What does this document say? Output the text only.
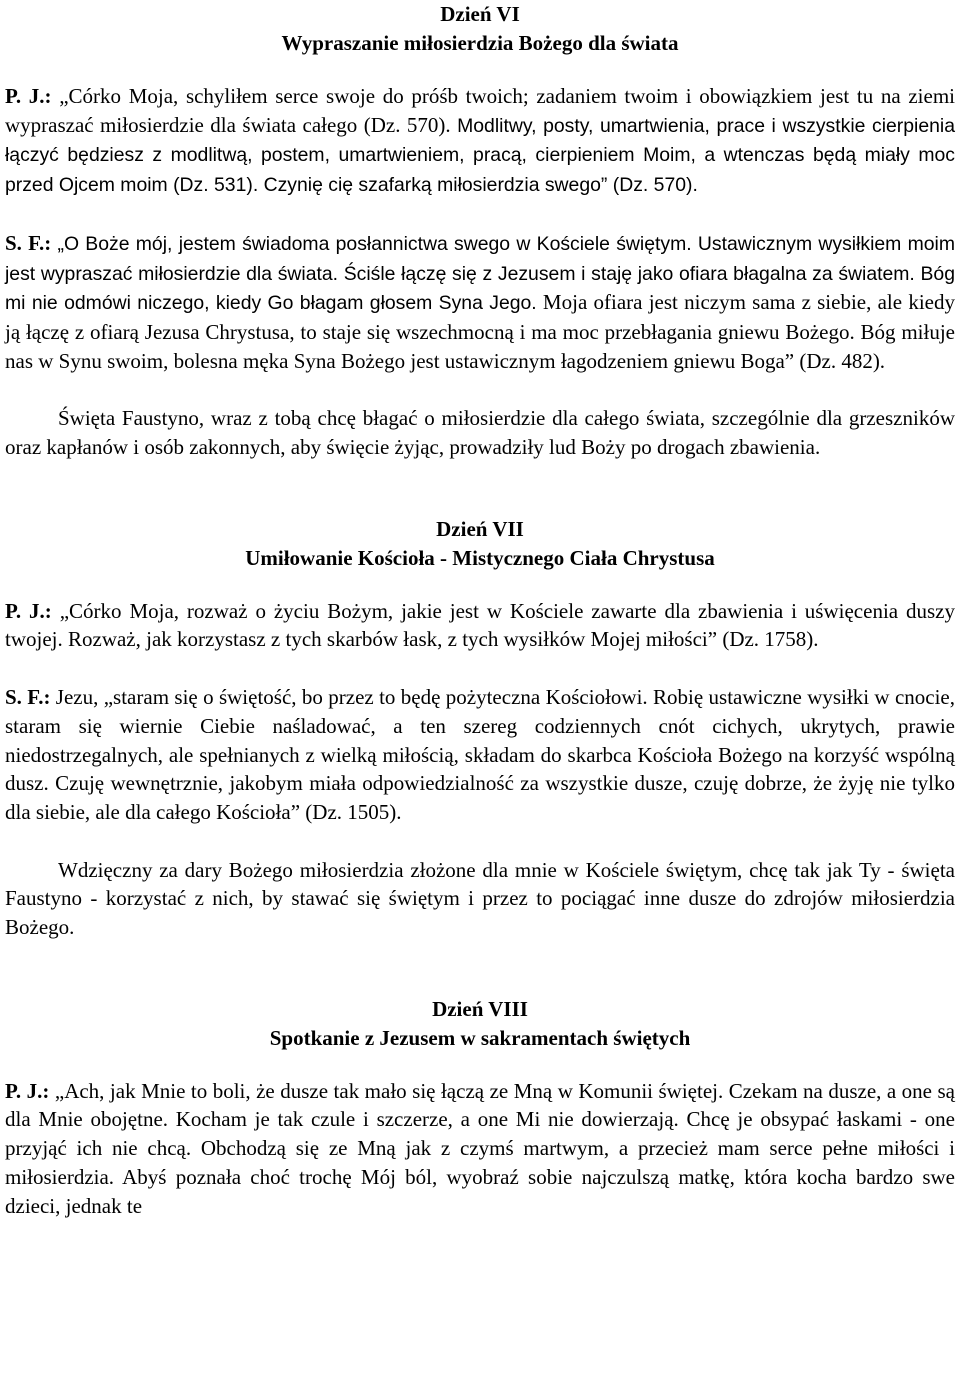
Dzień VI
Wypraszanie miłosierdzia Bożego dla świata

P. J.: „Córko Moja, schyliłem serce swoje do próśb twoich; zadaniem twoim i obowiązkiem jest tu na ziemi wypraszać miłosierdzie dla świata całego (Dz. 570). Modlitwy, posty, umartwienia, prace i wszystkie cierpienia łączyć będziesz z modlitwą, postem, umartwieniem, pracą, cierpieniem Moim, a wtenczas będą miały moc przed Ojcem moim (Dz. 531). Czynię cię szafarką miłosierdzia swego” (Dz. 570).

S. F.: „O Boże mój, jestem świadoma posłannictwa swego w Kościele świętym. Ustawicznym wysiłkiem moim jest wypraszać miłosierdzie dla świata. Ściśle łączę się z Jezusem i staję jako ofiara błagalna za światem. Bóg mi nie odmówi niczego, kiedy Go błagam głosem Syna Jego. Moja ofiara jest niczym sama z siebie, ale kiedy ją łączę z ofiarą Jezusa Chrystusa, to staje się wszechmocną i ma moc przebłagania gniewu Bożego. Bóg miłuje nas w Synu swoim, bolesna męka Syna Bożego jest ustawicznym łagodzeniem gniewu Boga” (Dz. 482).

Święta Faustyno, wraz z tobą chcę błagać o miłosierdzie dla całego świata, szczególnie dla grzeszników oraz kapłanów i osób zakonnych, aby święcie żyjąc, prowadziły lud Boży po drogach zbawienia.

Dzień VII
Umiłowanie Kościoła - Mistycznego Ciała Chrystusa

P. J.: „Córko Moja, rozważ o życiu Bożym, jakie jest w Kościele zawarte dla zbawienia i uświęcenia duszy twojej. Rozważ, jak korzystasz z tych skarbów łask, z tych wysiłków Mojej miłości” (Dz. 1758).

S. F.: Jezu, „staram się o świętość, bo przez to będę pożyteczna Kościołowi. Robię ustawiczne wysiłki w cnocie, staram się wiernie Ciebie naśladować, a ten szereg codziennych cnót cichych, ukrytych, prawie niedostrzegalnych, ale spełnianych z wielką miłością, składam do skarbca Kościoła Bożego na korzyść wspólną dusz. Czuję wewnętrznie, jakobym miała odpowiedzialność za wszystkie dusze, czuję dobrze, że żyję nie tylko dla siebie, ale dla całego Kościoła” (Dz. 1505).

Wdzięczny za dary Bożego miłosierdzia złożone dla mnie w Kościele świętym, chcę tak jak Ty - święta Faustyno - korzystać z nich, by stawać się świętym i przez to pociągać inne dusze do zdrojów miłosierdzia Bożego.

Dzień VIII
Spotkanie z Jezusem w sakramentach świętych

P. J.: „Ach, jak Mnie to boli, że dusze tak mało się łączą ze Mną w Komunii świętej. Czekam na dusze, a one są dla Mnie obojętne. Kocham je tak czule i szczerze, a one Mi nie dowierzają. Chcę je obsypać łaskami - one przyjąć ich nie chcą. Obchodzą się ze Mną jak z czymś martwym, a przecież mam serce pełne miłości i miłosierdzia. Abyś poznała choć trochę Mój ból, wyobraź sobie najczulszą matkę, która kocha bardzo swe dzieci, jednak te
